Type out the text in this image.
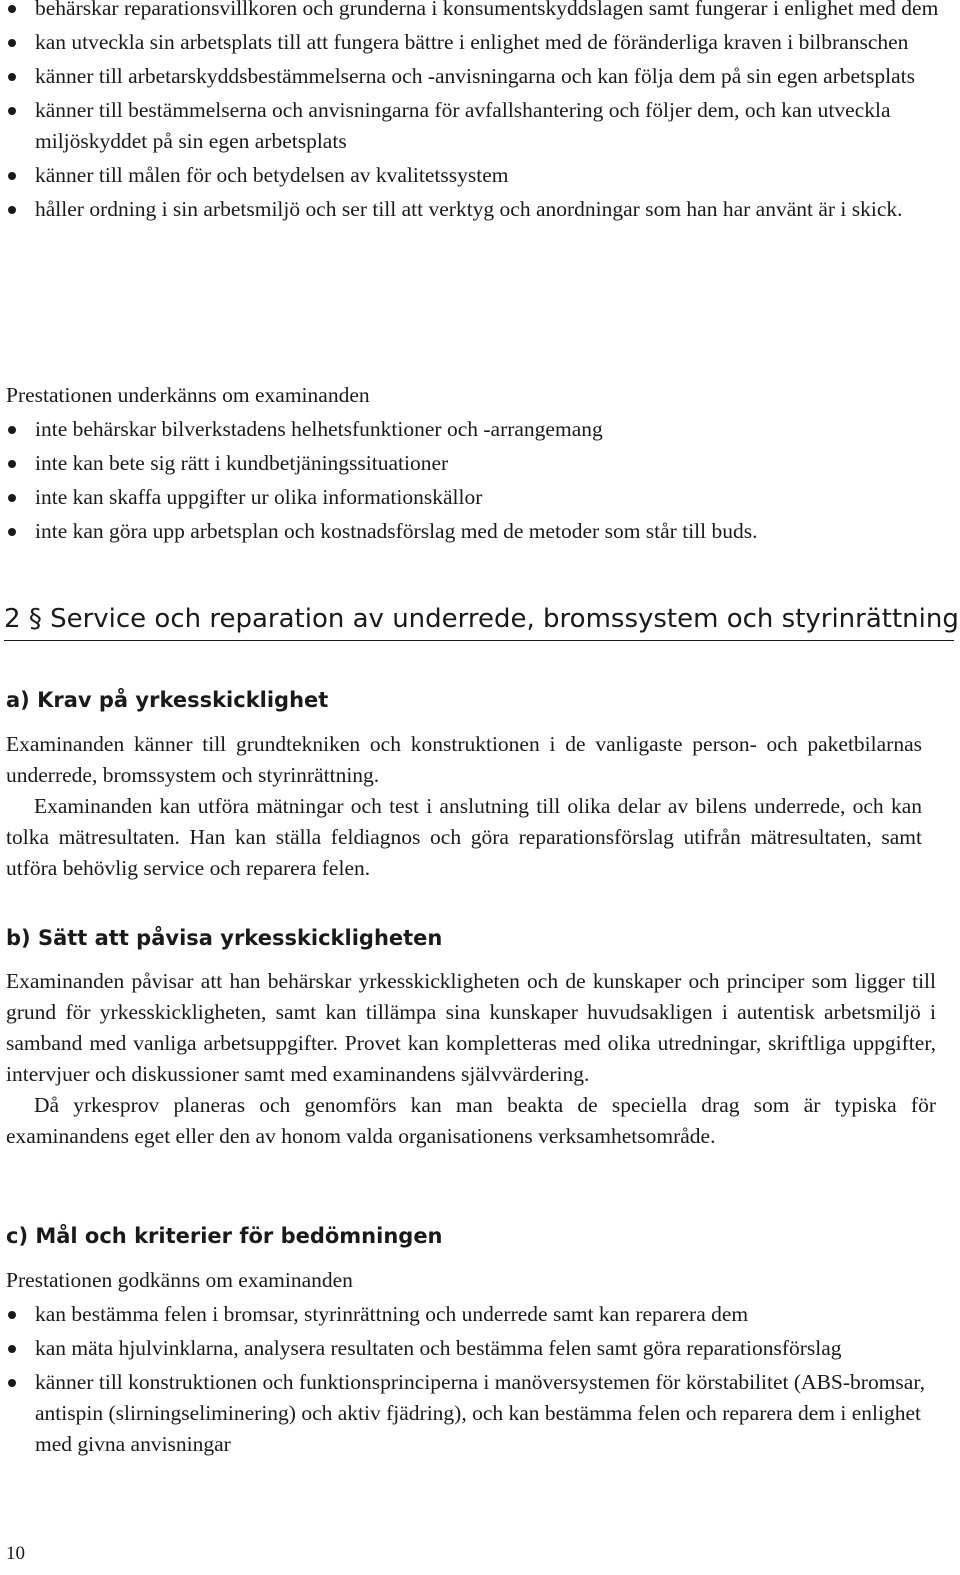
behärskar reparationsvillkoren och grunderna i konsumentskyddslagen samt fungerar i enlighet med dem
kan utveckla sin arbetsplats till att fungera bättre i enlighet med de föränderliga kraven i bilbranschen
känner till arbetarskyddsbestämmelserna och -anvisningarna och kan följa dem på sin egen arbetsplats
känner till bestämmelserna och anvisningarna för avfallshantering och följer dem, och kan utveckla miljöskyddet på sin egen arbetsplats
känner till målen för och betydelsen av kvalitetssystem
håller ordning i sin arbetsmiljö och ser till att verktyg och anordningar som han har använt är i skick.
Prestationen underkänns om examinanden
inte behärskar bilverkstadens helhetsfunktioner och -arrangemang
inte kan bete sig rätt i kundbetjäningssituationer
inte kan skaffa uppgifter ur olika informationskällor
inte kan göra upp arbetsplan och kostnadsförslag med de metoder som står till buds.
2 § Service och reparation av underrede, bromssystem och styrinrättning
a) Krav på yrkesskicklighet

Examinanden känner till grundtekniken och konstruktionen i de vanligaste person- och paketbilarnas underrede, bromssystem och styrinrättning.

Examinanden kan utföra mätningar och test i anslutning till olika delar av bilens underrede, och kan tolka mätresultaten. Han kan ställa feldiagnos och göra reparationsförslag utifrån mätresultaten, samt utföra behövlig service och reparera felen.

b) Sätt att påvisa yrkesskickligheten

Examinanden påvisar att han behärskar yrkesskickligheten och de kunskaper och principer som ligger till grund för yrkesskickligheten, samt kan tillämpa sina kunskaper huvudsakligen i autentisk arbetsmiljö i samband med vanliga arbetsuppgifter. Provet kan kompletteras med olika utredningar, skriftliga uppgifter, intervjuer och diskussioner samt med examinandens självvärdering.

Då yrkesprov planeras och genomförs kan man beakta de speciella drag som är typiska för examinandens eget eller den av honom valda organisationens verksamhetsområde.

c) Mål och kriterier för bedömningen
Prestationen godkänns om examinanden
kan bestämma felen i bromsar, styrinrättning och underrede samt kan reparera dem
kan mäta hjulvinklarna, analysera resultaten och bestämma felen samt göra reparationsförslag
känner till konstruktionen och funktionsprinciperna i manöversystemen för körstabilitet (ABS-bromsar, antispin (slirningseliminering) och aktiv fjädring), och kan bestämma felen och reparera dem i enlighet med givna anvisningar
10
